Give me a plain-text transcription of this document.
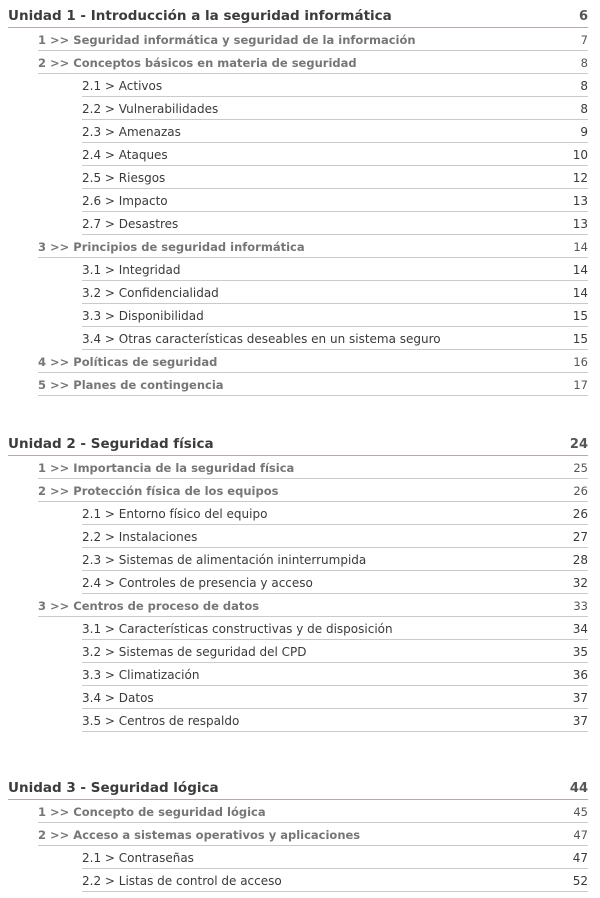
Unidad 1 - Introducción a la seguridad informática	6
1 >> Seguridad informática y seguridad de la información	7
2 >> Conceptos básicos en materia de seguridad	8
2.1 > Activos	8
2.2 > Vulnerabilidades	8
2.3 > Amenazas	9
2.4 > Ataques	10
2.5 > Riesgos	12
2.6 > Impacto	13
2.7 > Desastres	13
3 >> Principios de seguridad informática	14
3.1 > Integridad	14
3.2 > Confidencialidad	14
3.3 > Disponibilidad	15
3.4 > Otras características deseables en un sistema seguro	15
4 >> Políticas de seguridad	16
5 >> Planes de contingencia	17
Unidad 2 - Seguridad física	24
1 >> Importancia de la seguridad física	25
2 >> Protección física de los equipos	26
2.1 > Entorno físico del equipo	26
2.2 > Instalaciones	27
2.3 > Sistemas de alimentación ininterrumpida	28
2.4 > Controles de presencia y acceso	32
3 >> Centros de proceso de datos	33
3.1 > Características constructivas y de disposición	34
3.2 > Sistemas de seguridad del CPD	35
3.3 > Climatización	36
3.4 > Datos	37
3.5 > Centros de respaldo	37
Unidad 3 - Seguridad lógica	44
1 >> Concepto de seguridad lógica	45
2 >> Acceso a sistemas operativos y aplicaciones	47
2.1 > Contraseñas	47
2.2 > Listas de control de acceso	52
